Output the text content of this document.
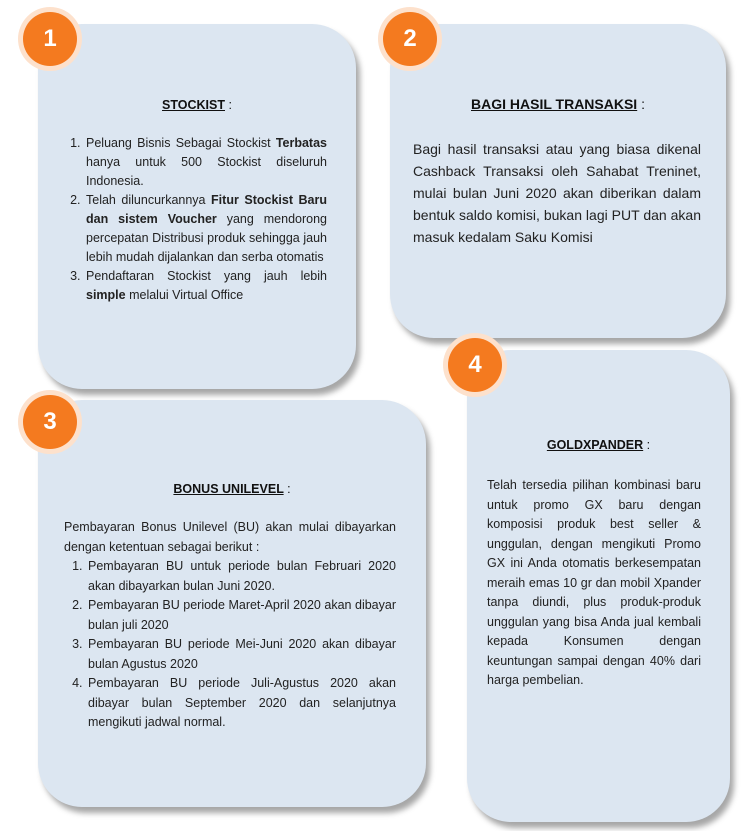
STOCKIST :
1. Peluang Bisnis Sebagai Stockist Terbatas hanya untuk 500 Stockist diseluruh Indonesia.
2. Telah diluncurkannya Fitur Stockist Baru dan sistem Voucher yang mendorong percepatan Distribusi produk sehingga jauh lebih mudah dijalankan dan serba otomatis
3. Pendaftaran Stockist yang jauh lebih simple melalui Virtual Office
1
BAGI HASIL TRANSAKSI :

Bagi hasil transaksi atau yang biasa dikenal Cashback Transaksi oleh Sahabat Treninet, mulai bulan Juni 2020 akan diberikan dalam bentuk saldo komisi, bukan lagi PUT dan akan masuk kedalam Saku Komisi

2
BONUS UNILEVEL :

Pembayaran Bonus Unilevel (BU) akan mulai dibayarkan dengan ketentuan sebagai berikut :

1. Pembayaran BU untuk periode bulan Februari 2020 akan dibayarkan bulan Juni 2020.
2. Pembayaran BU periode Maret-April 2020 akan dibayar bulan juli 2020
3. Pembayaran BU periode Mei-Juni 2020 akan dibayar bulan Agustus 2020
4. Pembayaran BU periode Juli-Agustus 2020 akan dibayar bulan September 2020 dan selanjutnya mengikuti jadwal normal.
3
GOLDXPANDER :

Telah tersedia pilihan kombinasi baru untuk promo GX baru dengan komposisi produk best seller & unggulan, dengan mengikuti Promo GX ini Anda otomatis berkesempatan meraih emas 10 gr dan mobil Xpander tanpa diundi, plus produk-produk unggulan yang bisa Anda jual kembali kepada Konsumen dengan keuntungan sampai dengan 40% dari harga pembelian.

4
